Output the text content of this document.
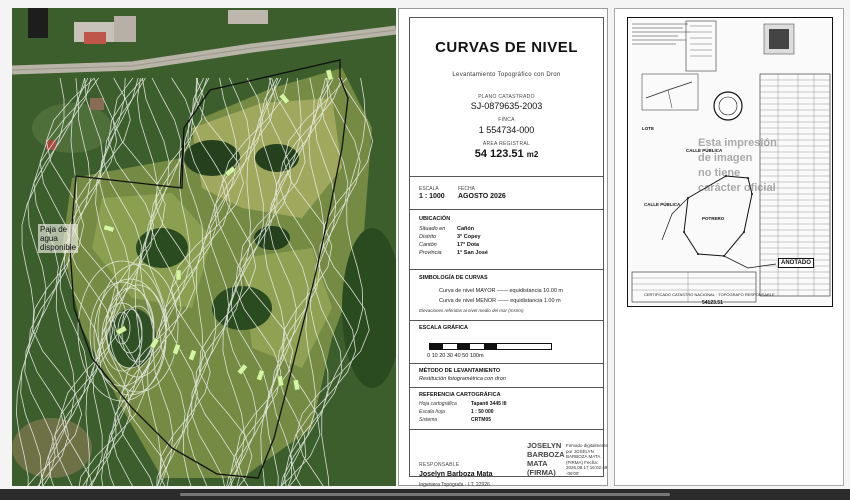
Paja de
agua
disponible
CURVAS DE NIVEL
Levantamiento Topográfico con Dron
PLANO CATASTRADO
SJ-0879635-2003
FINCA
1 554734-000
ÁREA REGISTRAL
54 123.51 m2
ESCALA	FECHA
1 : 1000 AGOSTO 2026
UBICACIÓN
Situado en Cañón
Distrito	3° Copey
Cantón	17° Dota
Provincia	1° San José
SIMBOLOGÍA DE CURVAS
Curva de nivel MAYOR —— equidistancia 10.00 m
Curva de nivel MENOR —— equidistancia 1.00 m
Elevaciones referidas al nivel medio del mar (msnm)
ESCALA GRÁFICA
0 10 20 30 40 50 100m
MÉTODO DE LEVANTAMIENTO
Restitución fotogramétrica con dron
REFERENCIA CARTOGRÁFICA
Hoja cartográfica	Tapanti 3445 III
Escala hoja	1 : 50 000
Sistema	CRTM05
JOSELYN BARBOZA MATA (FIRMA)
Firmado digitalmente por JOSELYN BARBOZA MATA (FIRMA) Fecha: 2026.08.17 16:02:49 -06'00'
RESPONSABLE
Joselyn Barboza Mata
Ingeniera Topógrafa · I.T. 22926
LOTE
CALLE PÚBLICA
POTRERO
CALLE PÚBLICA
Esta impresión
de imagen
no tiene
carácter oficial
ANOTADO
CERTIFICADO CATASTRO NACIONAL · TOPÓGRAFO RESPONSABLE
54123.51
